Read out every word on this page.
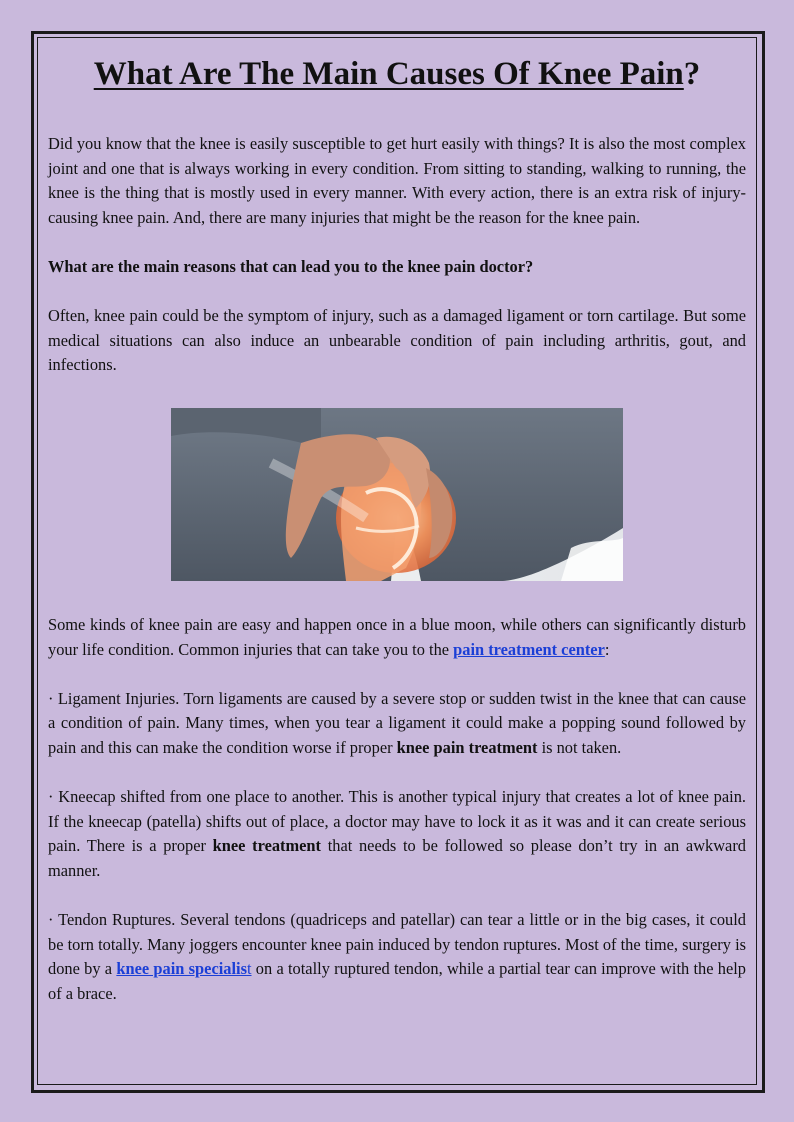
What Are The Main Causes Of Knee Pain?

Did you know that the knee is easily susceptible to get hurt easily with things? It is also the most complex joint and one that is always working in every condition. From sitting to standing, walking to running, the knee is the thing that is mostly used in every manner. With every action, there is an extra risk of injury-causing knee pain. And, there are many injuries that might be the reason for the knee pain.

What are the main reasons that can lead you to the knee pain doctor?

Often, knee pain could be the symptom of injury, such as a damaged ligament or torn cartilage. But some medical situations can also induce an unbearable condition of pain including arthritis, gout, and infections.

Some kinds of knee pain are easy and happen once in a blue moon, while others can significantly disturb your life condition. Common injuries that can take you to the pain treatment center:

· Ligament Injuries. Torn ligaments are caused by a severe stop or sudden twist in the knee that can cause a condition of pain. Many times, when you tear a ligament it could make a popping sound followed by pain and this can make the condition worse if proper knee pain treatment is not taken.

· Kneecap shifted from one place to another. This is another typical injury that creates a lot of knee pain. If the kneecap (patella) shifts out of place, a doctor may have to lock it as it was and it can create serious pain. There is a proper knee treatment that needs to be followed so please don’t try in an awkward manner.

· Tendon Ruptures. Several tendons (quadriceps and patellar) can tear a little or in the big cases, it could be torn totally. Many joggers encounter knee pain induced by tendon ruptures. Most of the time, surgery is done by a knee pain specialist on a totally ruptured tendon, while a partial tear can improve with the help of a brace.
